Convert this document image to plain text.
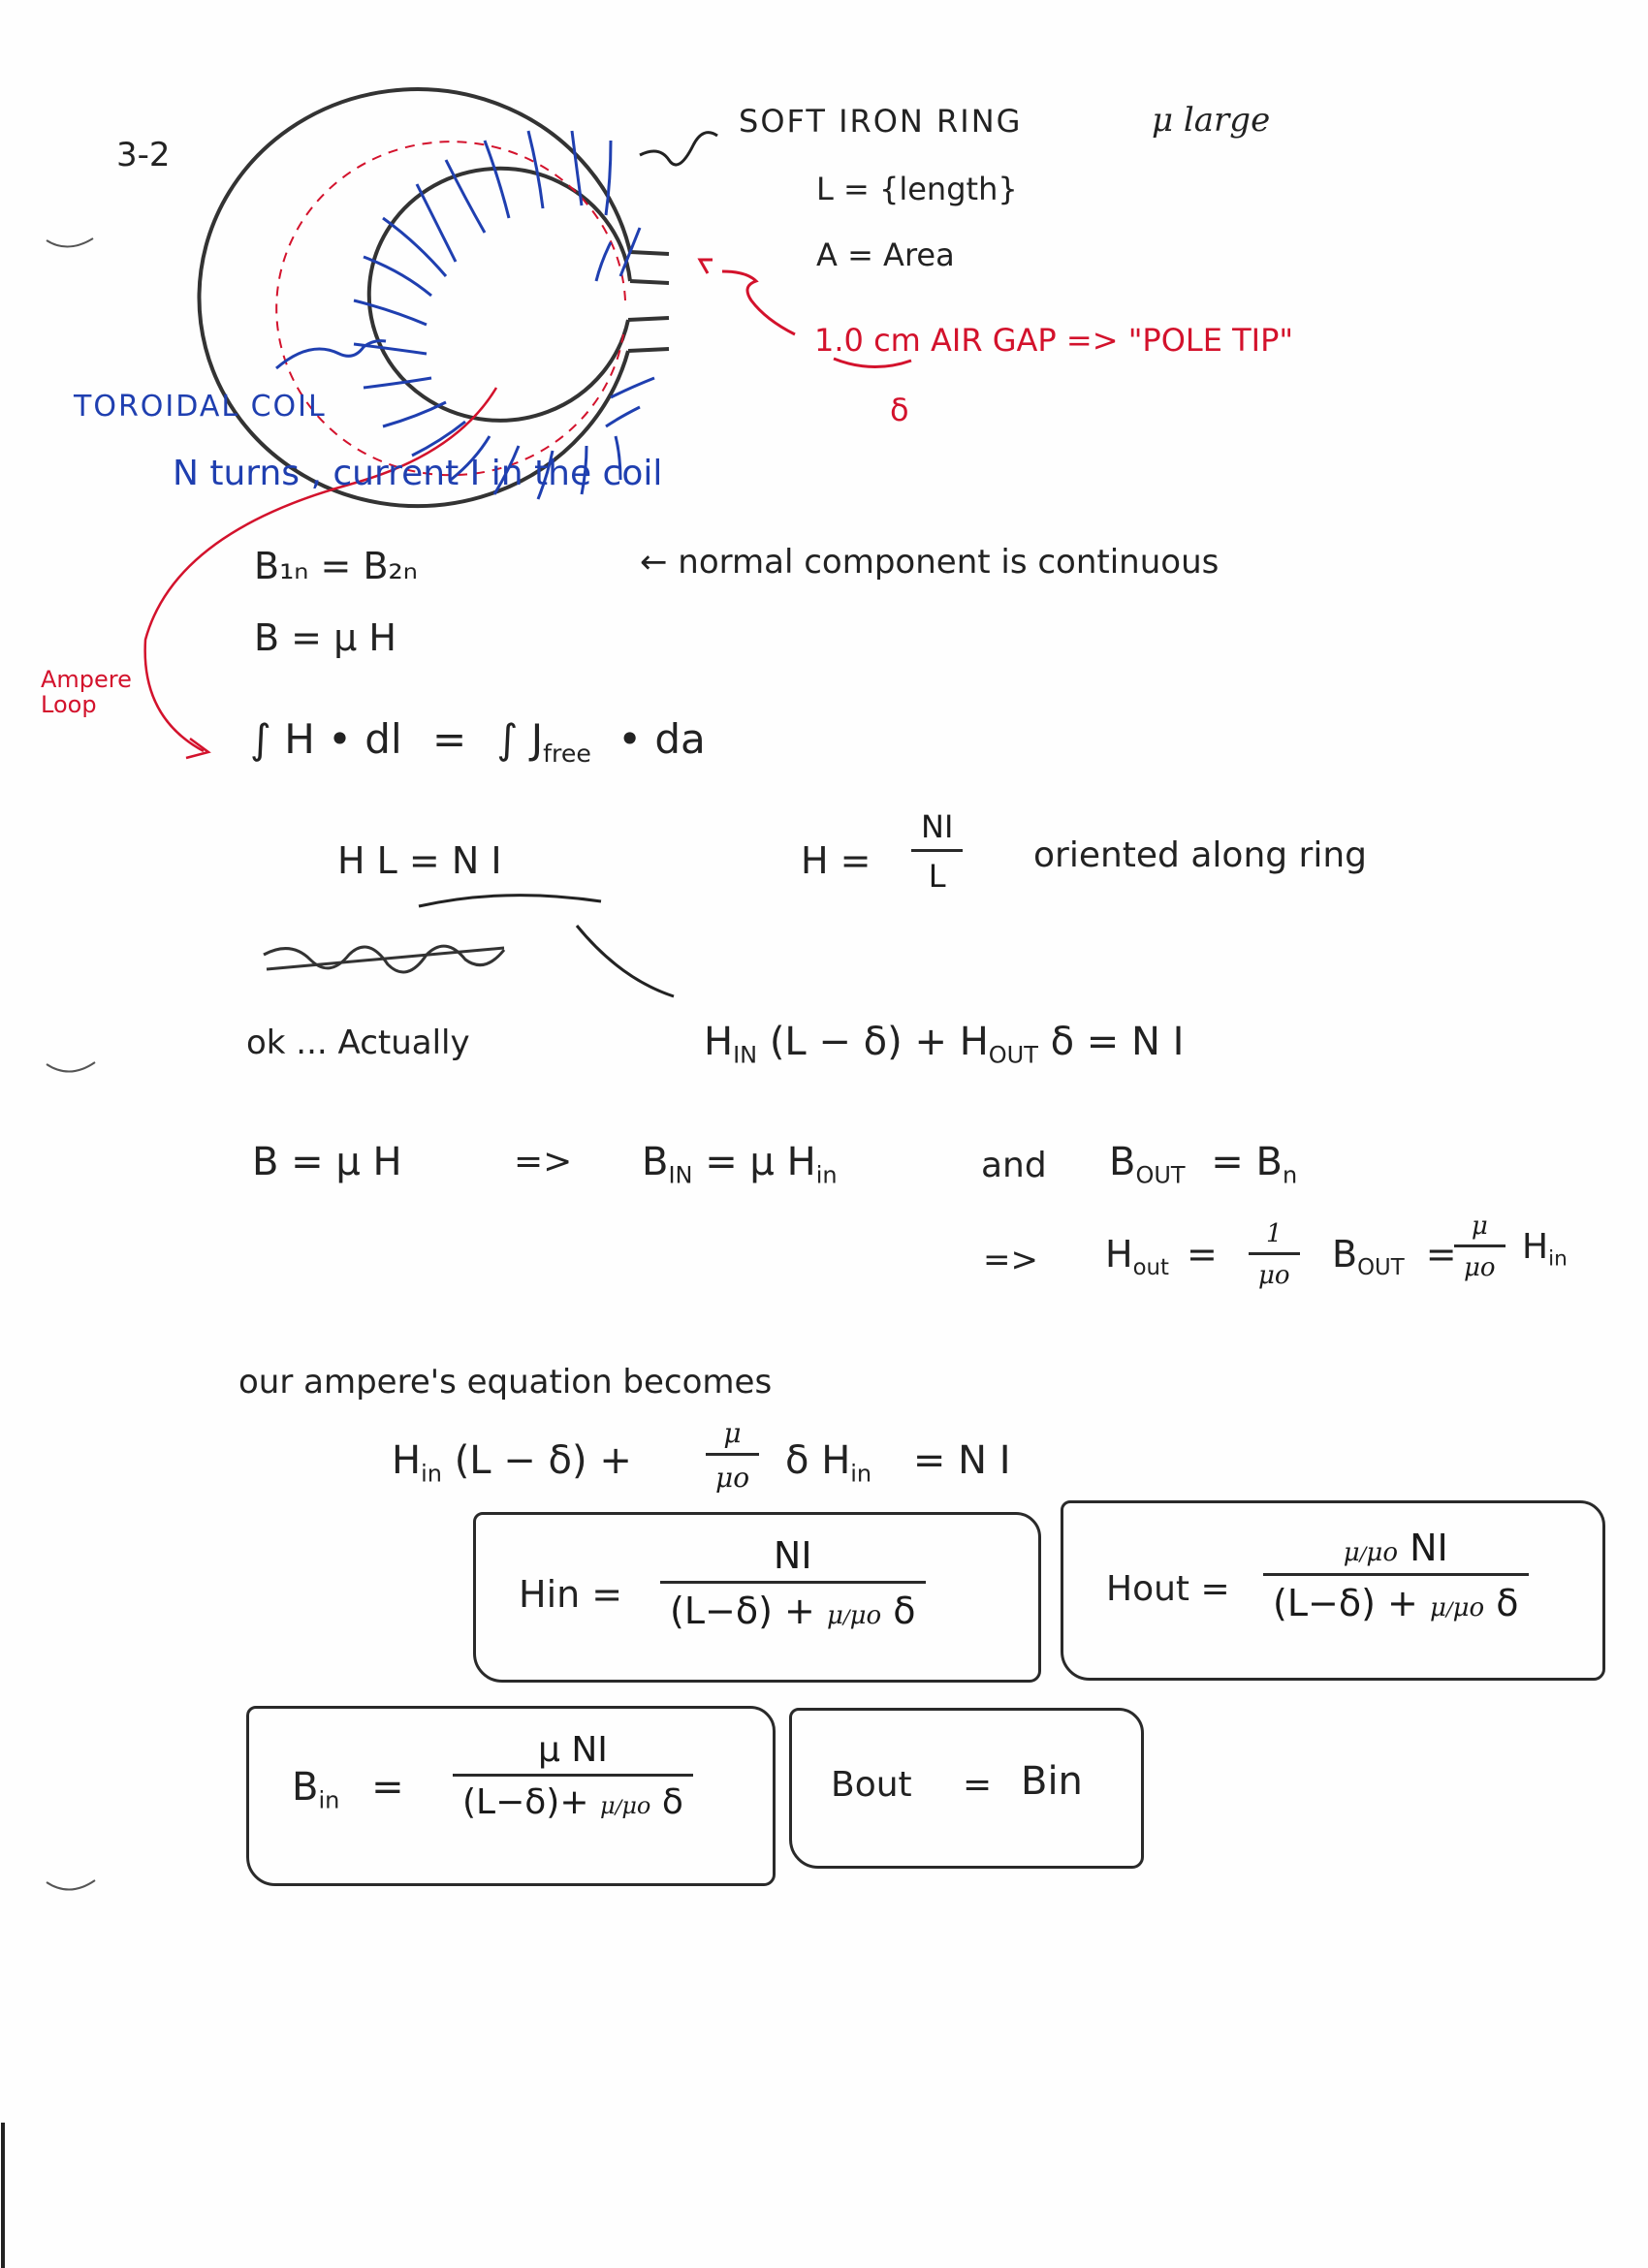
3-2
SOFT IRON RING	μ large
L = {length}
A = Area
1.0 cm AIR GAP => "POLE TIP"
δ
TOROIDAL COIL
N turns , current I in the coil
Ampere Loop
B₁ₙ = B₂ₙ	← normal component is continuous
B = μ H
∫ H • dl = ∫ $J_{free}$ • da
H L = N I	$H = \frac{NI}{L}$ oriented along ring
ok ... Actually	$H_{IN}$ $(L - \delta) + H_{OUT}$ δ = N I
B = μ H	=> $B_{IN} = \mu$ $H_{in}$	and $B_{OUT} = B_n$
=> $H_{out} = \frac{1}{\mu o} B_{OUT}$ =
$\frac{\mu}{\mu o} H_{in}$
our ampere's equation becomes
$H_{in}$ (L − δ) +	$\frac{\mu}{\mu o}$ δ $H_{in} = N$ I
Hin = $\frac{NI}{\text{(L−δ) + μ/μo δ}}$	Hout = $\frac{\text{μ/μo NI}}{\text{(L−δ) + μ/μo δ}}$
$B_{in} = \frac{\text{μ NI}}{\text{(L−δ)+ μ/μo δ}}$	Bout = Bin
